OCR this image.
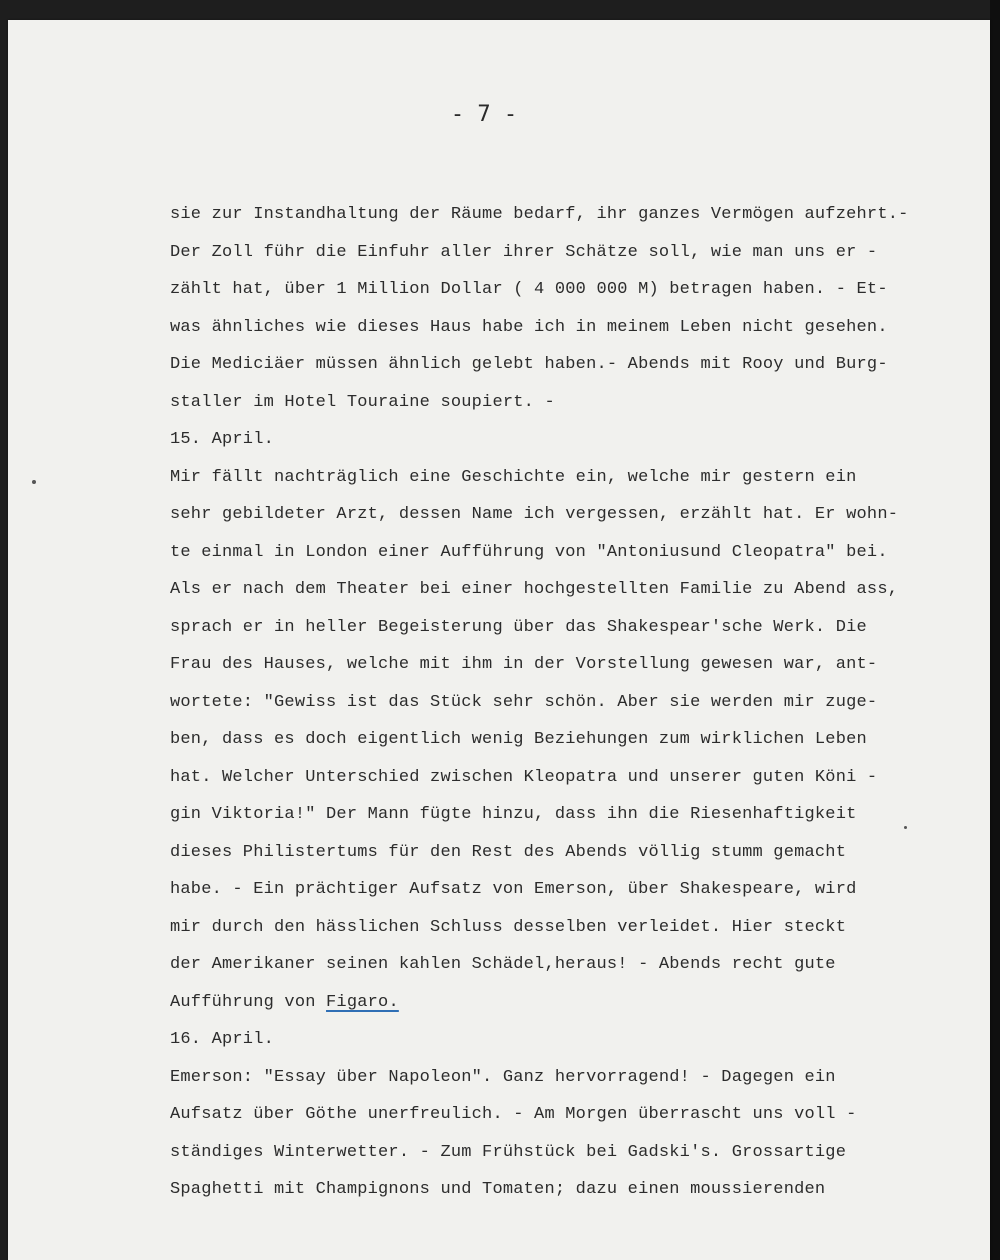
- 7 -
sie zur Instandhaltung der Räume bedarf, ihr ganzes Vermögen aufzehrt.-
Der Zoll führ die Einfuhr aller ihrer Schätze soll, wie man uns er -
zählt hat, über 1 Million Dollar ( 4 000 000 M) betragen haben. - Et-
was ähnliches wie dieses Haus habe ich in meinem Leben nicht gesehen.
Die Mediciäer müssen ähnlich gelebt haben.- Abends mit Rooy und Burg-
staller im Hotel Touraine soupiert. -
15. April.
Mir fällt nachträglich eine Geschichte ein, welche mir gestern ein
sehr gebildeter Arzt, dessen Name ich vergessen, erzählt hat. Er wohn-
te einmal in London einer Aufführung von "Antoniusund Cleopatra" bei.
Als er nach dem Theater bei einer hochgestellten Familie zu Abend ass,
sprach er in heller Begeisterung über das Shakespear'sche Werk. Die
Frau des Hauses, welche mit ihm in der Vorstellung gewesen war, ant-
wortete: "Gewiss ist das Stück sehr schön. Aber sie werden mir zuge-
ben, dass es doch eigentlich wenig Beziehungen zum wirklichen Leben
hat. Welcher Unterschied zwischen Kleopatra und unserer guten Köni -
gin Viktoria!" Der Mann fügte hinzu, dass ihn die Riesenhaftigkeit
dieses Philistertums für den Rest des Abends völlig stumm gemacht
habe. - Ein prächtiger Aufsatz von Emerson, über Shakespeare, wird
mir durch den hässlichen Schluss desselben verleidet. Hier steckt
der Amerikaner seinen kahlen Schädel,heraus! - Abends recht gute
Aufführung von Figaro.
16. April.
Emerson: "Essay über Napoleon". Ganz hervorragend! - Dagegen ein
Aufsatz über Göthe unerfreulich. - Am Morgen überrascht uns voll -
ständiges Winterwetter. - Zum Frühstück bei Gadski's. Grossartige
Spaghetti mit Champignons und Tomaten; dazu einen moussierenden
